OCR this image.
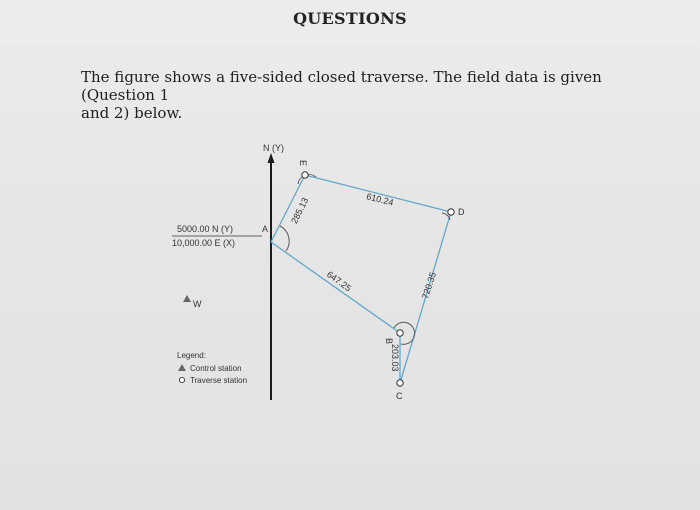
QUESTIONS
The figure shows a five-sided closed traverse. The field data is given (Question 1
and 2) below.
N (Y)
5000.00 N (Y)
10,000.00 E (X)
E
D
A
B
C
W
285.13	610.24
720.35
203.03
647.25
Legend:
Control station
Traverse station
